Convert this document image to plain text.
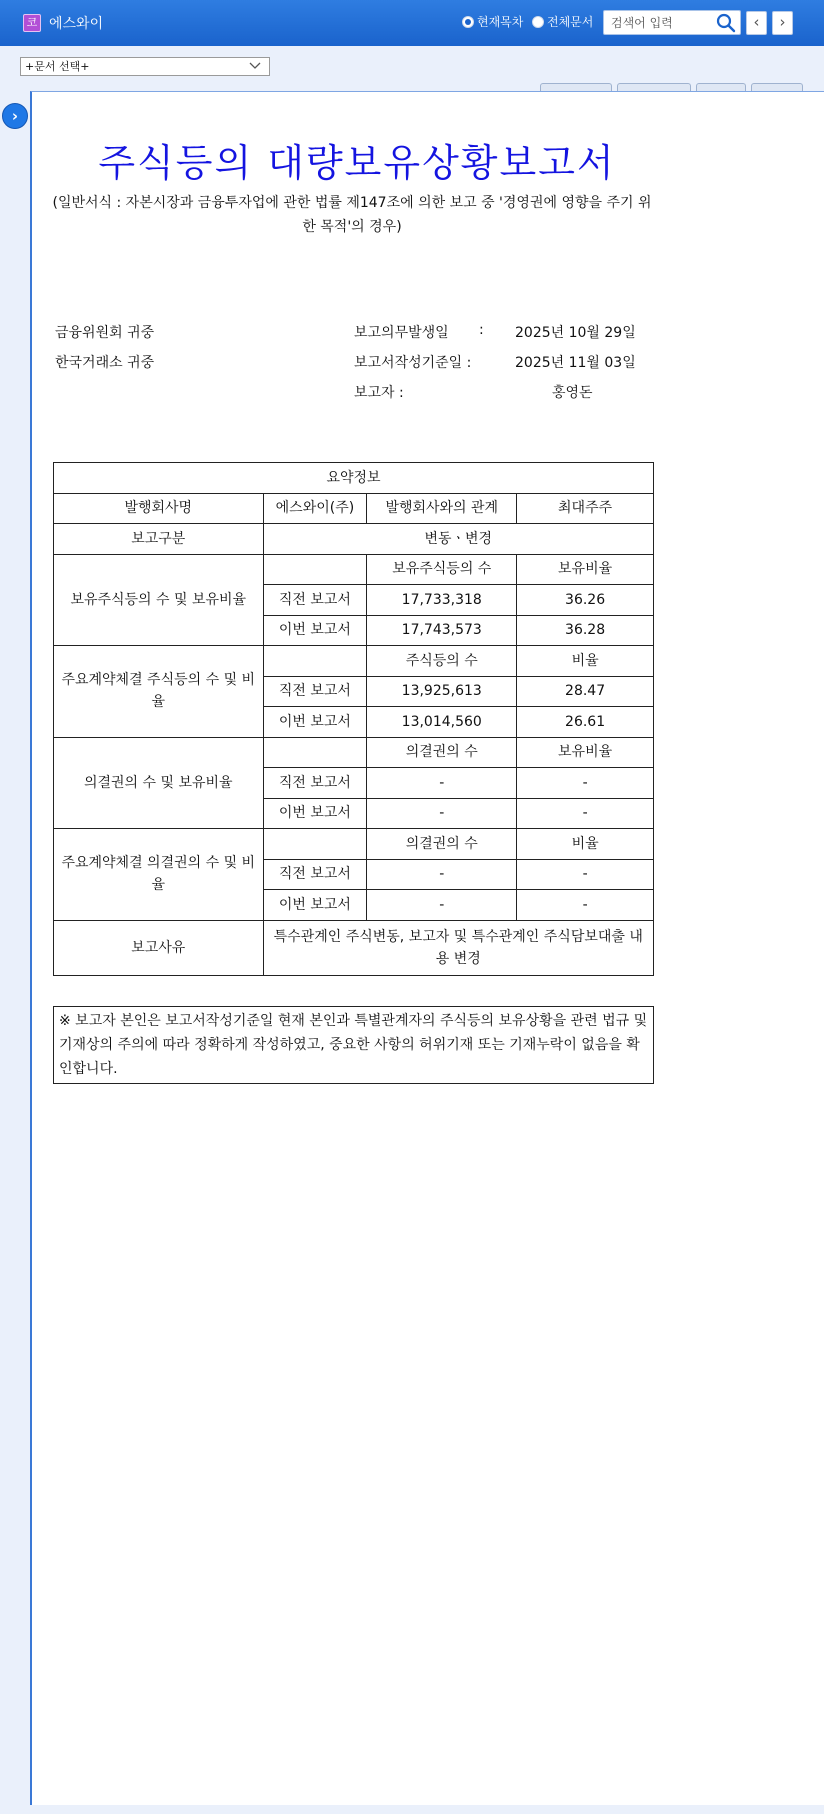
코 에스와이	현재목차 전체문서
검색어 입력	‹	›
+문서 선택+
주식등의 대량보유상황보고서
(일반서식 : 자본시장과 금융투자업에 관한 법률 제147조에 의한 보고 중 '경영권에 영향을 주기 위한 목적'의 경우)
금융위원회 귀중
한국거래소 귀중
보고의무발생일 : 2025년 10월 29일
보고서작성기준일 :	2025년 11월 03일
보고자 :	홍영돈
요약정보			
발행회사명	에스와이(주)	발행회사와의 관계	최대주주
보고구분	변동ㆍ변경		
보유주식등의 수 및 보유비율		보유주식등의 수	보유비율
	직전 보고서	17,733,318	36.26
	이번 보고서	17,743,573	36.28
주요계약체결 주식등의 수 및 비율		주식등의 수	비율
	직전 보고서	13,925,613	28.47
	이번 보고서	13,014,560	26.61
의결권의 수 및 보유비율		의결권의 수	보유비율
	직전 보고서	-	-
	이번 보고서	-	-
주요계약체결 의결권의 수 및 비율		의결권의 수	비율
	직전 보고서	-	-
	이번 보고서	-	-
보고사유	특수관계인 주식변동, 보고자 및 특수관계인 주식담보대출 내용 변경		
※ 보고자 본인은 보고서작성기준일 현재 본인과 특별관계자의 주식등의 보유상황을 관련 법규 및 기재상의 주의에 따라 정확하게 작성하였고, 중요한 사항의 허위기재 또는 기재누락이 없음을 확인합니다.
›
